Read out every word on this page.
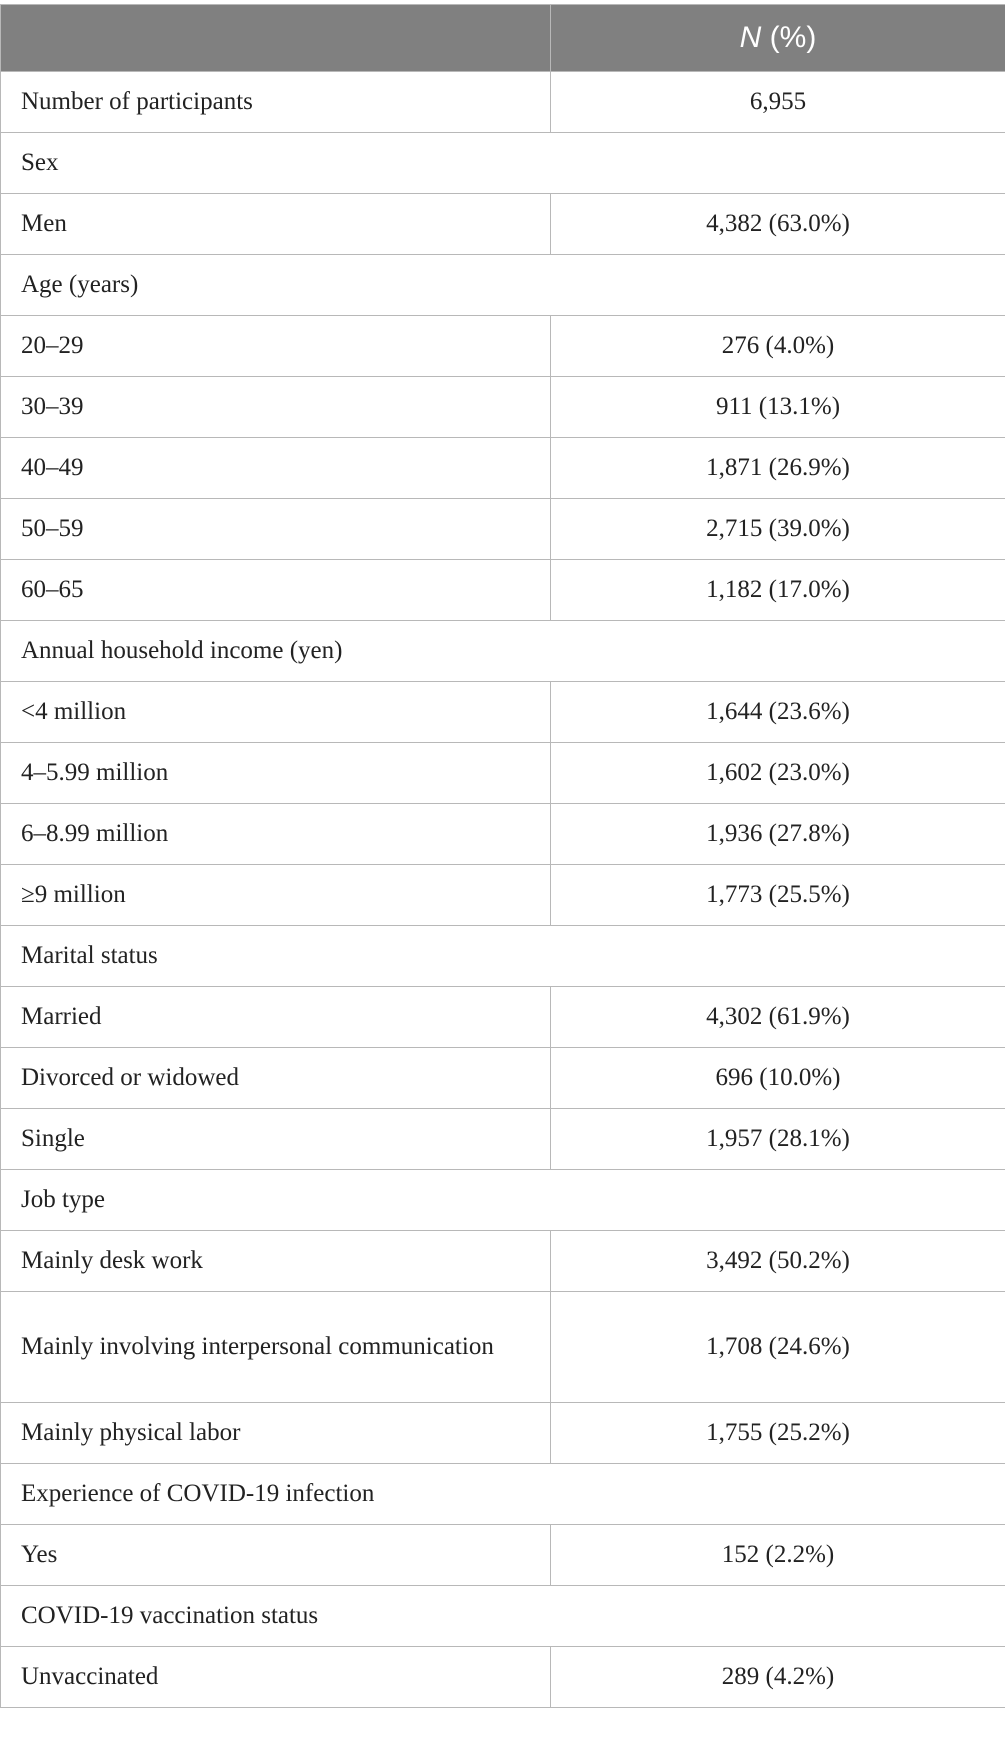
	N (%)
Number of participants	6,955
Sex	
Men	4,382 (63.0%)
Age (years)	
20–29	276 (4.0%)
30–39	911 (13.1%)
40–49	1,871 (26.9%)
50–59	2,715 (39.0%)
60–65	1,182 (17.0%)
Annual household income (yen)	
<4 million	1,644 (23.6%)
4–5.99 million	1,602 (23.0%)
6–8.99 million	1,936 (27.8%)
≥9 million	1,773 (25.5%)
Marital status	
Married	4,302 (61.9%)
Divorced or widowed	696 (10.0%)
Single	1,957 (28.1%)
Job type	
Mainly desk work	3,492 (50.2%)
Mainly involving interpersonal communication	1,708 (24.6%)
Mainly physical labor	1,755 (25.2%)
Experience of COVID-19 infection	
Yes	152 (2.2%)
COVID-19 vaccination status	
Unvaccinated	289 (4.2%)
